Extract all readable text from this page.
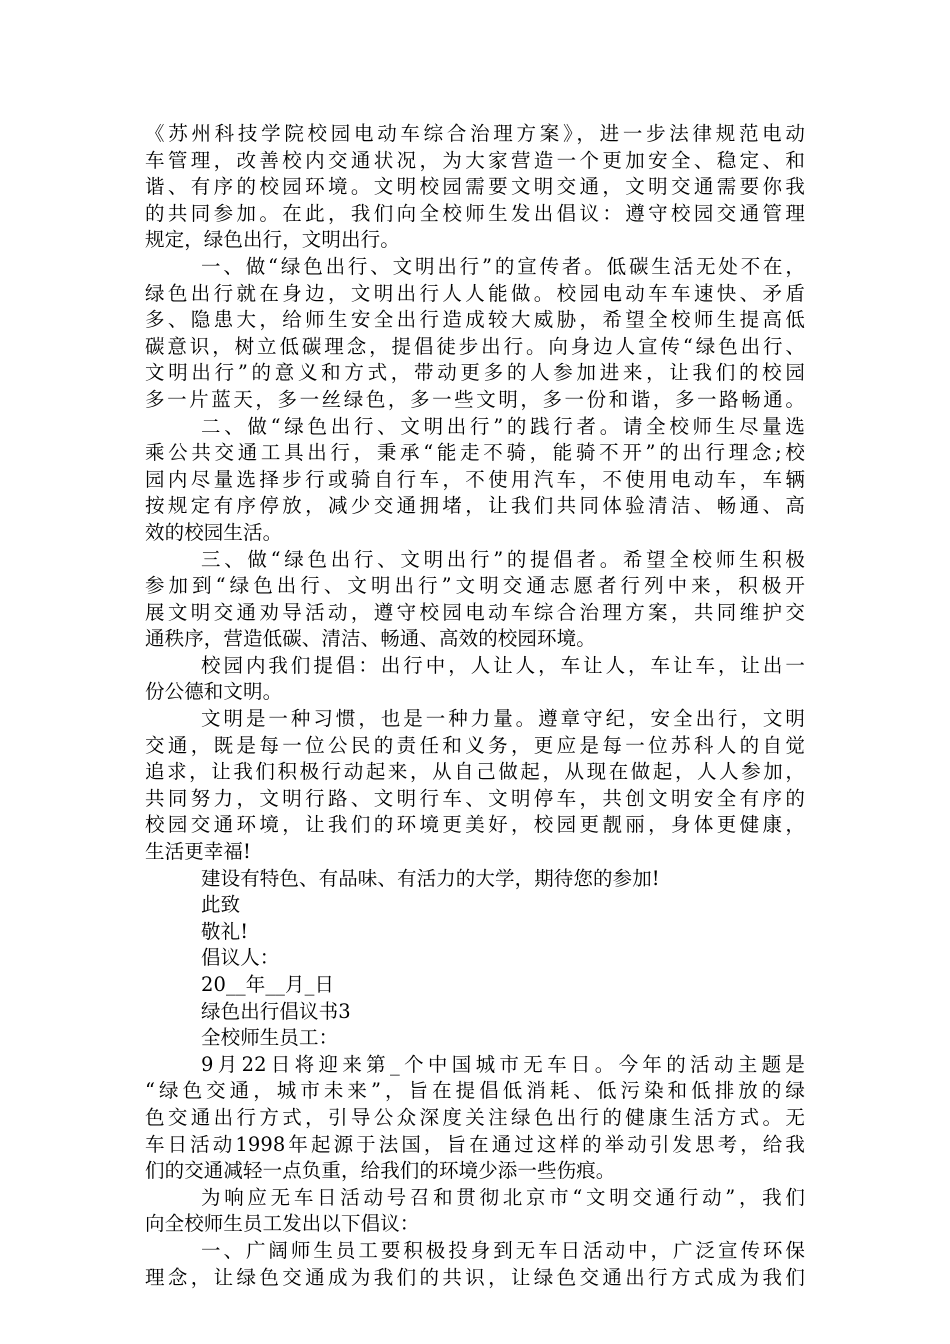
《苏州科技学院校园电动车综合治理方案》，进一步法律规范电动
车管理，改善校内交通状况，为大家营造一个更加安全、稳定、和
谐、有序的校园环境。文明校园需要文明交通，文明交通需要你我
的共同参加。在此，我们向全校师生发出倡议：遵守校园交通管理
规定，绿色出行，文明出行。
一、做“绿色出行、文明出行”的宣传者。低碳生活无处不在，
绿色出行就在身边，文明出行人人能做。校园电动车车速快、矛盾
多、隐患大，给师生安全出行造成较大威胁，希望全校师生提高低
碳意识，树立低碳理念，提倡徒步出行。向身边人宣传“绿色出行、
文明出行”的意义和方式，带动更多的人参加进来，让我们的校园
多一片蓝天，多一丝绿色，多一些文明，多一份和谐，多一路畅通。
二、做“绿色出行、文明出行”的践行者。请全校师生尽量选
乘公共交通工具出行，秉承“能走不骑，能骑不开”的出行理念;校
园内尽量选择步行或骑自行车，不使用汽车，不使用电动车，车辆
按规定有序停放，减少交通拥堵，让我们共同体验清洁、畅通、高
效的校园生活。
三、做“绿色出行、文明出行”的提倡者。希望全校师生积极
参加到“绿色出行、文明出行”文明交通志愿者行列中来，积极开
展文明交通劝导活动，遵守校园电动车综合治理方案，共同维护交
通秩序，营造低碳、清洁、畅通、高效的校园环境。
校园内我们提倡：出行中，人让人，车让人，车让车，让出一
份公德和文明。
文明是一种习惯，也是一种力量。遵章守纪，安全出行，文明
交通，既是每一位公民的责任和义务，更应是每一位苏科人的自觉
追求，让我们积极行动起来，从自己做起，从现在做起，人人参加，
共同努力，文明行路、文明行车、文明停车，共创文明安全有序的
校园交通环境，让我们的环境更美好，校园更靓丽，身体更健康，
生活更幸福!
建设有特色、有品味、有活力的大学，期待您的参加!
此致
敬礼!
倡议人：
20__年__月_日
绿色出行倡议书3
全校师生员工：
9月22日将迎来第_个中国城市无车日。今年的活动主题是
“绿色交通，城市未来”，旨在提倡低消耗、低污染和低排放的绿
色交通出行方式，引导公众深度关注绿色出行的健康生活方式。无
车日活动1998年起源于法国，旨在通过这样的举动引发思考，给我
们的交通减轻一点负重，给我们的环境少添一些伤痕。
为响应无车日活动号召和贯彻北京市“文明交通行动”，我们
向全校师生员工发出以下倡议：
一、广阔师生员工要积极投身到无车日活动中，广泛宣传环保
理念，让绿色交通成为我们的共识，让绿色交通出行方式成为我们
